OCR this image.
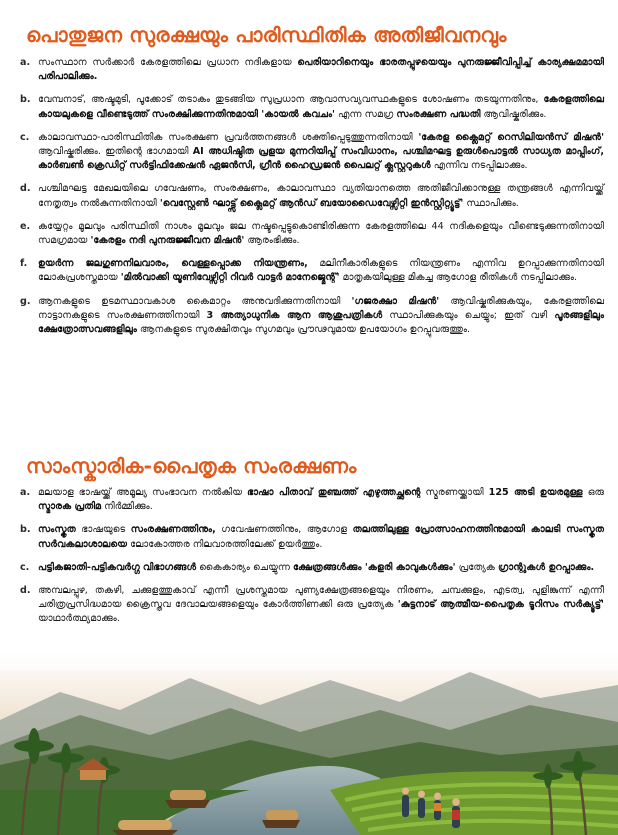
പൊതുജന സുരക്ഷയും പാരിസ്ഥിതിക അതിജീവനവും
a. സംസ്ഥാന സർക്കാർ കേരളത്തിലെ പ്രധാന നദികളായ പെരിയാറിനെയും ഭാരതപ്പുഴയെയും പുനരുജ്ജീവിപ്പിച്ച് കാര്യക്ഷമമായി പരിപാലിക്കും.
b. വേമ്പനാട്, അഷ്ടമുടി, പൂക്കോട് തടാകം തുടങ്ങിയ സുപ്രധാന ആവാസവ്യവസ്ഥകളുടെ ശോഷണം തടയുന്നതിനും, കേരളത്തിലെ കായലുകളെ വീണ്ടെടുത്ത് സംരക്ഷിക്കുന്നതിനുമായി 'കായൽ കവചം' എന്ന സമഗ്ര സംരക്ഷണ പദ്ധതി ആവിഷ്കരിക്കും.
c. കാലാവസ്ഥാ-പാരിസ്ഥിതിക സംരക്ഷണ പ്രവർത്തനങ്ങൾ ശക്തിപ്പെടുത്തുന്നതിനായി 'കേരള ക്ലൈമറ്റ് റെസിലിയൻസ് മിഷൻ' ആവിഷ്കരിക്കും. ഇതിന്റെ ഭാഗമായി AI അധിഷ്ഠിത പ്രളയ മുന്നറിയിപ്പ് സംവിധാനം, പശ്ചിമഘട്ട ഉരുൾപൊട്ടൽ സാധ്യത മാപ്പിംഗ്, കാർബൺ ക്രെഡിറ്റ് സർട്ടിഫിക്കേഷൻ ഏജൻസി, ഗ്രീൻ ഹൈഡ്രജൻ പൈലറ്റ് ക്ലസ്റ്ററുകൾ എന്നിവ നടപ്പിലാക്കും.
d. പശ്ചിമഘട്ട മേഖലയിലെ ഗവേഷണം, സംരക്ഷണം, കാലാവസ്ഥാ വ്യതിയാനത്തെ അതിജീവിക്കാനുള്ള തന്ത്രങ്ങൾ എന്നിവയ്ക്ക് നേതൃത്വം നൽകുന്നതിനായി 'വെസ്റ്റേൺ ഘാട്ട്സ് ക്ലൈമറ്റ് ആൻഡ് ബയോഡൈവേഴ്സിറ്റി ഇൻസ്റ്റിറ്റ്യൂട്ട്' സ്ഥാപിക്കും.
e. കയ്യേറ്റം മൂലവും പരിസ്ഥിതി നാശം മൂലവും ജല നഷ്ടപ്പെട്ടുകൊണ്ടിരിക്കുന്ന കേരളത്തിലെ 44 നദികളെയും വീണ്ടെടുക്കുന്നതിനായി സമഗ്രമായ 'കേരളം നദി പുനരുജ്ജീവന മിഷൻ' ആരംഭിക്കും.
f.	ഉയർന്ന ജലഗുണനിലവാരം, വെള്ളപ്പൊക്ക നിയന്ത്രണം, മലിനീകാരികളുടെ നിയന്ത്രണം എന്നിവ ഉറപ്പാക്കുന്നതിനായി ലോകപ്രശസ്തമായ 'മിൽവാക്കി യൂണിവേഴ്സിറ്റി റിവർ വാട്ടർ മാനേജ്മെന്റ്' മാതൃകയിലുള്ള മികച്ച ആഗോള രീതികൾ നടപ്പിലാക്കും.
g. ആനകളുടെ ഉടമസ്ഥാവകാശ കൈമാറ്റം അനുവദിക്കുന്നതിനായി 'ഗജരക്ഷാ മിഷൻ' ആവിഷ്കരിക്കുകയും, കേരളത്തിലെ നാട്ടാനകളുടെ സംരക്ഷണത്തിനായി 3 അത്യാധുനിക ആന ആശുപത്രികൾ സ്ഥാപിക്കുകയും ചെയ്യും; ഇത് വഴി പൂരങ്ങളിലും ക്ഷേത്രോത്സവങ്ങളിലും ആനകളുടെ സുരക്ഷിതവും സുഗമവും പ്രൗഢവുമായ ഉപയോഗം ഉറപ്പുവരുത്തും.
സാംസ്കാരിക-പൈതൃക സംരക്ഷണം
a. മലയാള ഭാഷയ്ക്ക് അമൂല്യ സംഭാവന നൽകിയ ഭാഷാ പിതാവ് തുഞ്ചത്ത് എഴുത്തച്ഛന്റെ സ്മരണയ്ക്കായി 125 അടി ഉയരമുള്ള ഒരു സ്മാരക പ്രതിമ നിർമ്മിക്കും.
b. സംസ്കൃത ഭാഷയുടെ സംരക്ഷണത്തിനും, ഗവേഷണത്തിനും, ആഗോള തലത്തിലുള്ള പ്രോത്സാഹനത്തിനുമായി കാലടി സംസ്കൃത സർവകലാശാലയെ ലോകോത്തര നിലവാരത്തിലേക്ക് ഉയർത്തും.
c. പട്ടികജാതി-പട്ടികവർഗ്ഗ വിഭാഗങ്ങൾ കൈകാര്യം ചെയ്യുന്ന ക്ഷേത്രങ്ങൾക്കും 'കളരി കാവുകൾക്കും' പ്രത്യേക ഗ്രാന്റുകൾ ഉറപ്പാക്കും.
d. അമ്പലപ്പുഴ, തകഴി, ചക്കുളത്തുകാവ് എന്നീ പ്രശസ്തമായ പുണ്യക്ഷേത്രങ്ങളെയും നിരണം, ചമ്പക്കുളം, എടത്വ, പുളിങ്കുന്ന് എന്നീ ചരിത്രപ്രസിദ്ധമായ ക്രൈസ്തവ ദേവാലയങ്ങളെയും കോർത്തിണക്കി ഒരു പ്രത്യേക 'കുട്ടനാട് ആത്മീയ-പൈതൃക ടൂറിസം സർക്യൂട്ട്' യാഥാർത്ഥ്യമാക്കും.
